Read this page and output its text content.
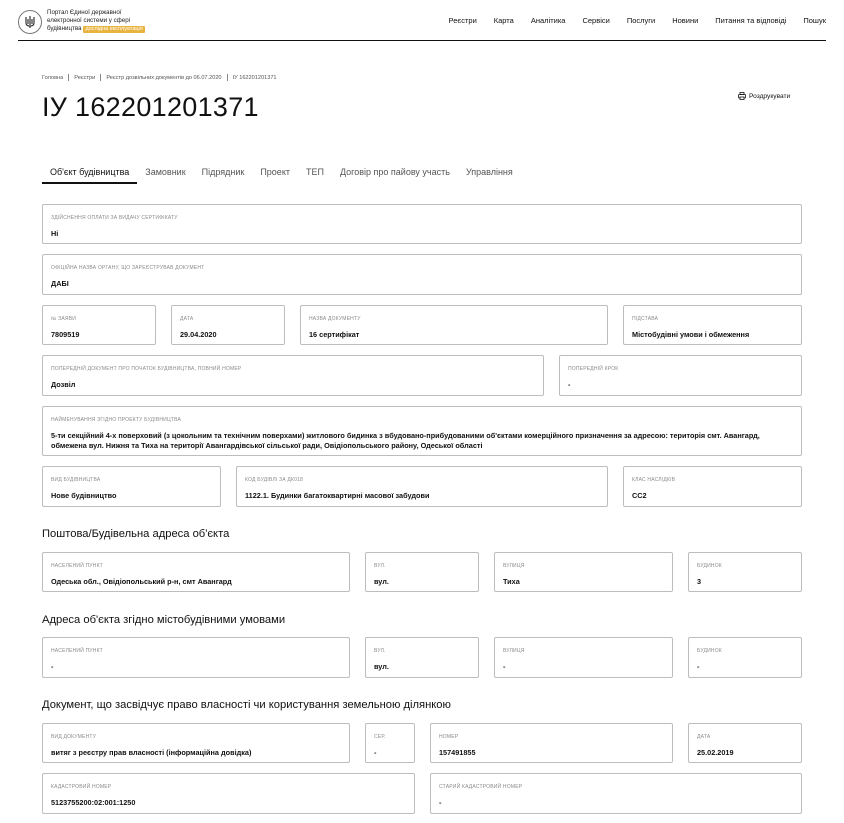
Портал Єдиної державної
електронної системи у сфері
будівництва дослідна експлуатація
Реєстри Карта Аналітика Сервіси Послуги Новини Питання та відповіді Пошук
Головна Реєстри Реєстр дозвільних документів до 06.07.2020 ІУ 162201201371
ІУ 162201201371	Роздрукувати
Об'єкт будівництва	Замовник	Підрядник	Проект	ТЕП	Договір про пайову участь	Управління
ЗДІЙСНЕННЯ ОПЛАТИ ЗА ВИДАЧУ СЕРТИФІКАТУ
Ні
ОФІЦІЙНА НАЗВА ОРГАНУ, ЩО ЗАРЕЄСТРУВАВ ДОКУМЕНТ
ДАБІ
№ ЗАЯВИ
7809519
ДАТА
29.04.2020
НАЗВА ДОКУМЕНТУ
16 сертифікат
ПІДСТАВА
Містобудівні умови і обмеження
ПОПЕРЕДНІЙ ДОКУМЕНТ ПРО ПОЧАТОК БУДІВНИЦТВА, ПОВНИЙ НОМЕР
Дозвіл
ПОПЕРЕДНІЙ КРОК
-
НАЙМЕНУВАННЯ ЗГІДНО ПРОЕКТУ БУДІВНИЦТВА
5-ти секційний 4-х поверховий (з цокольним та технічним поверхами) житлового бидинка з вбудовано-прибудованими об'єктами комерційного призначення за адресою: територія смт. Авангард, обмежена вул. Нижня та Тиха на території Авангардівської сільської ради, Овідіопольського району, Одеської області
ВИД БУДІВНИЦТВА
Нове будівництво
КОД БУДІВЛІ ЗА ДК018
1122.1. Будинки багатоквартирні масової забудови
КЛАС НАСЛІДКІВ
СС2
Поштова/Будівельна адреса об'єкта
НАСЕЛЕНИЙ ПУНКТ
Одеська обл., Овідіопольський р-н, смт Авангард
ВУЛ.
вул.
ВУЛИЦЯ
Тиха
БУДИНОК
3
Адреса об'єкта згідно містобудівними умовами
НАСЕЛЕНИЙ ПУНКТ
-
ВУЛ.
вул.
ВУЛИЦЯ
-
БУДИНОК
-
Документ, що засвідчує право власності чи користування земельною ділянкою
ВИД ДОКУМЕНТУ
витяг з реєстру прав власності (інформаційна довідка)
СЕР.
-
НОМЕР
157491855
ДАТА
25.02.2019
КАДАСТРОВИЙ НОМЕР
5123755200:02:001:1250
СТАРИЙ КАДАСТРОВИЙ НОМЕР
-
